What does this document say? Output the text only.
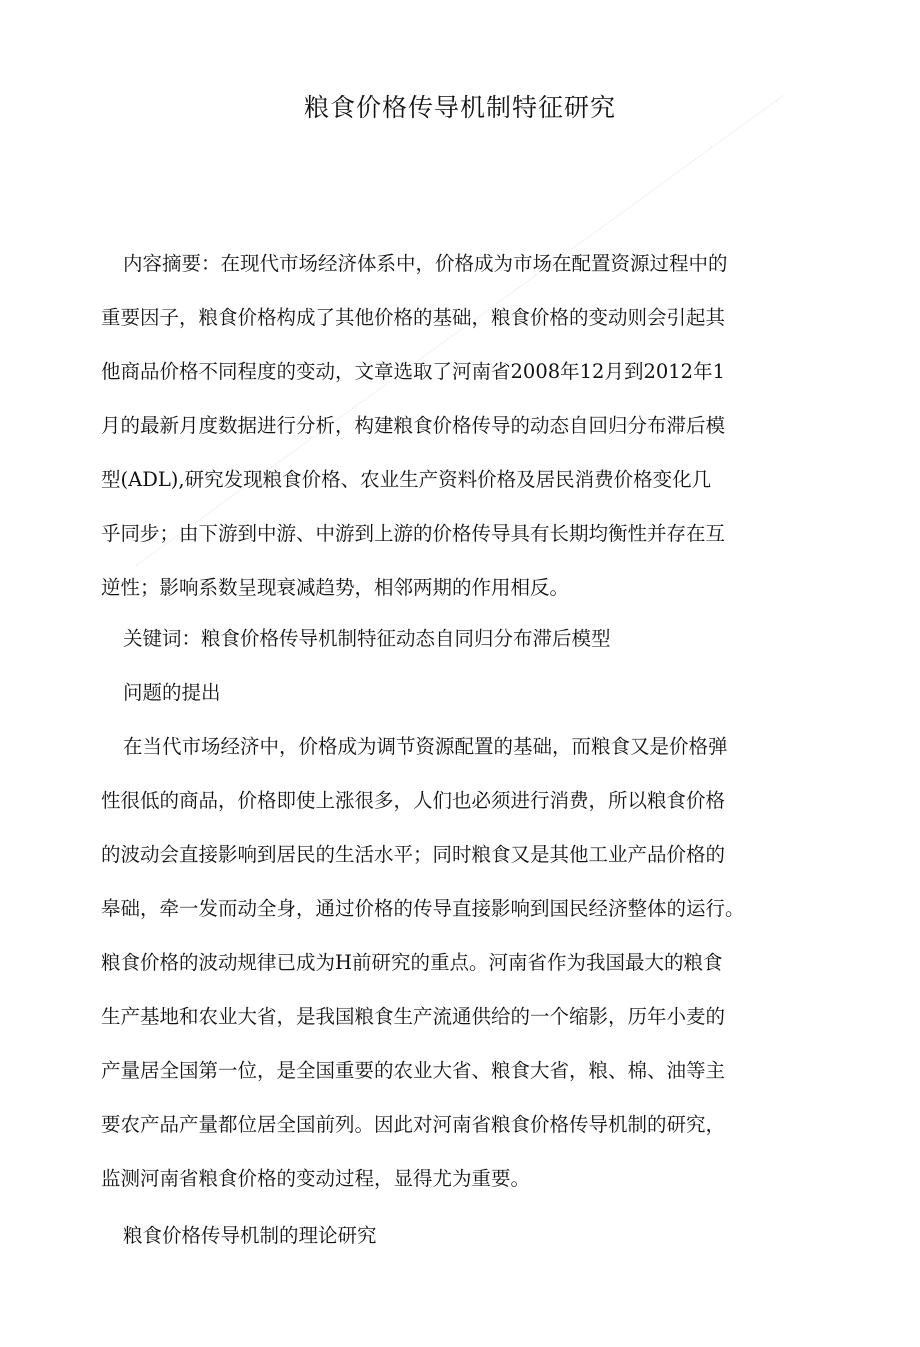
粮食价格传导机制特征研究
内容摘要：在现代市场经济体系中，价格成为市场在配置资源过程中的
重要因子，粮食价格构成了其他价格的基础，粮食价格的变动则会引起其
他商品价格不同程度的变动，文章选取了河南省2008年12月到2012年1
月的最新月度数据进行分析，构建粮食价格传导的动态自回归分布滞后模
型(ADL),研究发现粮食价格、农业生产资料价格及居民消费价格变化几
乎同步；由下游到中游、中游到上游的价格传导具有长期均衡性并存在互
逆性；影响系数呈现衰减趋势，相邻两期的作用相反。
关键词：粮食价格传导机制特征动态自同归分布滞后模型
问题的提出
在当代市场经济中，价格成为调节资源配置的基础，而粮食又是价格弹
性很低的商品，价格即使上涨很多，人们也必须进行消费，所以粮食价格
的波动会直接影响到居民的生活水平；同时粮食又是其他工业产品价格的
皋础，牵一发而动全身，通过价格的传导直接影响到国民经济整体的运行。
粮食价格的波动规律已成为H前研究的重点。河南省作为我国最大的粮食
生产基地和农业大省，是我国粮食生产流通供给的一个缩影，历年小麦的
产量居全国第一位，是全国重要的农业大省、粮食大省，粮、棉、油等主
要农产品产量都位居全国前列。因此对河南省粮食价格传导机制的研究，
监测河南省粮食价格的变动过程，显得尤为重要。
粮食价格传导机制的理论研究
